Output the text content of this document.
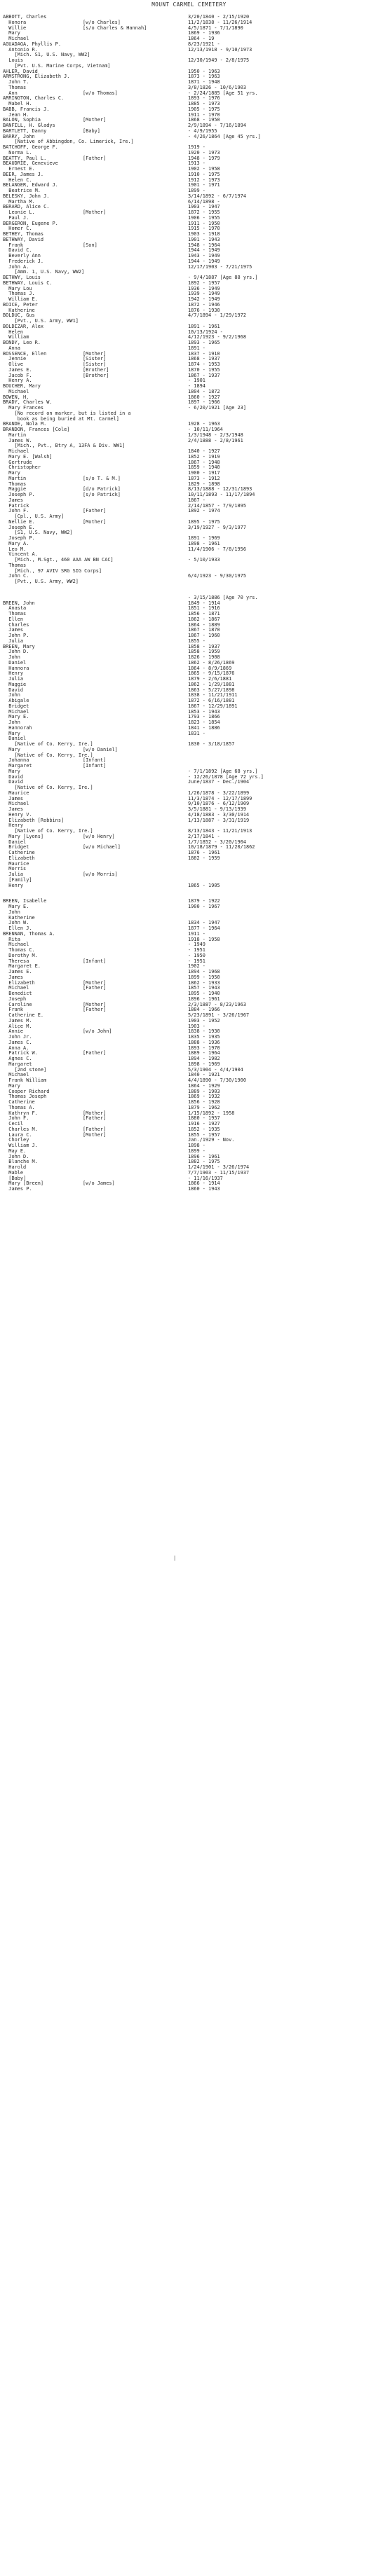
MOUNT CARMEL CEMETERY
ABBOTT, Charles	3/20/1840 - 2/15/1920
Honora	[w/o Charles]	11/2/1838 - 11/26/1914
Willie	[s/o Charles & Hannah]	4/5/1871 - 7/1/1890
Mary	1869 - 1936
Michael	1864 - 19
AGUADAGA, Phyllis P.	8/23/1921 -
Antonio R.	12/13/1918 - 9/10/1973
[Mich. S1, U.S. Navy, WW2]
Louis	12/30/1949 - 2/8/1975
[Pvt. U.S. Marine Corps, Vietnam]
AHLER, David	1950 - 1963
ARMSTRONG, Elizabeth J.	1873 - 1963
John T.	1871 - 1948
Thomas	3/8/1826 - 10/6/1903
Ann	[w/o Thomas]	- 2/24/1885 [Age 51 yrs.
ARRINGTON, Charles C.	1893 - 1976
Mabel H.	1885 - 1973
BABB, Francis J.	1905 - 1975
Jean H.	1911 - 1970
BALON, Sophia	[Mother]	1868 - 1950
BANFILL, H. Gladys	2/9/1894 - 7/16/1894
BARTLETT, Danny	[Baby]	- 4/9/1955
BARRY, John	- 4/26/1864 [Age 45 yrs.]
[Native of Abbingdon, Co. Limerick, Ire.]
BATCHOFF, George F.	1919 -
Norma L.	1920 - 1973
BEATTY, Paul L.	[Father]	1948 - 1979
BEAUDRIE, Genevieve	1913 -
Ernest E.	1902 - 1958
BEER, James J.	1910 - 1975
Helen C.	1912 - 1973
BELANGER, Edward J.	1901 - 1971
Beatrice M.	1899 -
BELESKY, John J.	3/14/1892 - 6/7/1974
Martha M.	6/14/1898 -
BERARD, Alice C.	1903 - 1947
Leonie L.	[Mother]	1872 - 1955
Paul J.	1906 - 1955
BERGERON, Eugene P.	1911 - 1950
Homer C.	1915 - 1970
BETHEY, Thomas	1903 - 1918
BETHWAY, David	1901 - 1943
Frank	[Son]	1948 - 1964
David C.	1944 - 1949
Beverly Ann	1943 - 1949
Frederick J.	1944 - 1949
John A.	12/17/1903 - 7/21/1975
[Amm. 1, U.S. Navy, WW2]
BETHWY, Louis	- 9/4/1887 [Age 88 yrs.]
BETHWAY, Louis C.	1892 - 1957
Mary Lou	1936 - 1949
Thomas J.	1939 - 1949
William E.	1942 - 1949
BOICE, Peter	1872 - 1946
Katherine	1876 - 1930
BOLDUC, Gus	4/7/1894 - 1/29/1972
[Pvt., U.S. Army, WW1]
BOLDIZAR, Alex	1891 - 1961
Helen	10/13/1924 -
William	4/12/1923 - 9/2/1968
BONDY, Leo R.	1893 - 1965
Anna	1891 -
BOSSENCE, Ellen	[Mother]	1837 - 1910
Jennie	[Sister]	1868 - 1937
Olive	[Sister]	1874 - 1953
James E.	[Brother]	1870 - 1955
Jacob F.	[Brother]	1867 - 1937
Henry A.	- 1901
BOUCHER, Mary	- 1894
Michael	1804 - 1872
BOWEN, H.	1860 - 1927
BRADY, Charles W.	1897 - 1966
Mary Frances	- 6/20/1921 [Age 23]
[No record on marker, but is listed in a
book as being buried at Mt. Carmel]
BRANDE, Nola M.	1928 - 1963
BRANDON, Frances [Cole]	- 10/11/1964
Martin	1/3/1948 - 2/3/1948
James W.	2/4/1888 - 2/8/1961
[Mich., Pvt., Btry A, 13FA & Div. WW1]
Michael	1840 - 1927
Mary E. [Walsh]	1852 - 1919
Gertrude	1867 - 1948
Christopher	1859 - 1940
Mary	1900 - 1917
Martin	[s/o T. & M.]	1873 - 1912
Thomas	1829 - 1898
Maggie	[d/o Patrick]	8/13/1888 - 12/31/1893
Joseph P.	[s/o Patrick]	10/11/1893 - 11/17/1894
James	1867 -
Patrick	2/14/1857 - 7/9/1895
John F.	[Father]	1892 - 1974
[Cpl., U.S. Army]
Nellie E.	[Mother]	1895 - 1975
Joseph E.	3/19/1927 - 9/3/1977
[S1, U.S. Navy, WW2]
Joseph P.	1891 - 1969
Mary A.	1898 - 1961
Leo M.	11/4/1906 - 7/8/1956
Vincent A.
[Mich., M.Sgt., 460 AAA AW BN CAC]	- 5/10/1933
Thomas
[Mich., 97 AVIV SRG SIG Corps]
John C.	6/4/1923 - 9/30/1975
[Pvt., U.S. Army, WW2]
- 3/15/1886 [Age 70 yrs.
BREEN, John	1849 - 1914
Anasta	1851 - 1916
Thomas	1856 - 1871
Ellen	1862 - 1867
Charles	1864 - 1889
James	1867 - 1870
John P.	1867 - 1960
Julia	1855 -
BREEN, Mary	1858 - 1937
John D.	1858 - 1959
John	1826 - 1908
Daniel	1862 - 8/26/1869
Hannora	1864 - 8/9/1869
Henry	1865 - 9/15/1876
Julia	1879 - 2/6/1881
Maggie	1862 - 1/29/1881
David	1863 - 5/27/1898
John	1838 - 11/21/1911
Abigale	1872 - 6/16/1881
Bridget	1867 - 12/29/1891
Michael	1853 - 1943
Mary E.	1793 - 1866
John	1823 - 1854
Hannorah	1841 - 1886
Mary	1831 -
Daniel
[Native of Co. Kerry, Ire.]	1830 - 3/18/1857
Mary	[w/o Daniel]
[Native of Co. Kerry, Ire.]
Johanna	[Infant]
Margaret	[Infant]
Mary	- 7/1/1892 [Age 68 yrs.]
David	- 12/26/1878 [Age 72 yrs.]
David	June/1837 - Dec./1904
[Native of Co. Kerry, Ire.]
Maurice	1/26/1878 - 3/22/1899
James	11/3/1874 - 12/17/1899
Michael	9/10/1876 - 6/12/1909
James	3/5/1881 - 9/13/1939
Henry V.	4/18/1883 - 3/30/1914
Elizabeth [Robbins]	1/13/1887 - 3/31/1919
Henry
[Native of Co. Kerry, Ire.]	8/13/1843 - 11/21/1913
Mary [Lyons]	[w/o Henry]	2/17/1841 -
Daniel	1/7/1852 - 3/20/1904
Bridget	[w/o Michael]	10/18/1879 - 11/20/1862
Catherine	1876 - 1961
Elizabeth	1882 - 1959
Maurice
Morris
Julia	[w/o Morris]
[Family]
Henry	1865 - 1905
BREEN, Isabelle	1879 - 1922
Mary E.	1900 - 1967
John
Katherine
John W.	1834 - 1947
Ellen J.	1877 - 1964
BRENNAN, Thomas A.	1911 -
Rita	1918 - 1958
Michael	- 1949
Thomas C.	- 1951
Dorothy M.	- 1950
Theresa	[Infant]	- 1951
Margaret E.	1902 -
James E.	1894 - 1968
James	1899 - 1950
Elizabeth	[Mother]	1862 - 1933
Michael	[Father]	1857 - 1943
Benedict	1895 - 1940
Joseph	1896 - 1961
Caroline	[Mother]	2/3/1887 - 8/23/1963
Frank	[Father]	1884 - 1966
Catherine E.	5/23/1891 - 3/26/1967
James M.	1903 - 1952
Alice M.	1903 -
Annie	[w/o John]	1838 - 1930
John Jr.	1835 - 1935
James C.	1888 - 1936
Anna A.	1893 - 1970
Patrick W.	[Father]	1889 - 1964
Agnes C.	1894 - 1982
Margaret	1898 - 1969
[2nd stone]	5/3/1904 - 4/4/1904
Michael	1840 - 1921
Frank William	4/4/1890 - 7/30/1900
Mary	1864 - 1929
Cooper Richard	1889 - 1903
Thomas Joseph	1869 - 1932
Catherine	1856 - 1928
Thomas A.	1879 - 1962
Kathryn F.	[Mother]	1/15/1892 - 1958
John F.	[Father]	1880 - 1957
Cecil	1916 - 1927
Charles M.	[Father]	1852 - 1935
Laura C.	[Mother]	1855 - 1957
Chorley	Jan./1929 - Nov.
William J.	1898 -
May E.	1899 -
John D.	1896 - 1961
Blanche M.	1882 - 1975
Harold	1/24/1901 - 3/26/1974
Mable	7/7/1903 - 11/15/1937
[Baby]	- 11/16/1937
Mary [Breen]	[w/o James]	1866 - 1914
James P.	1860 - 1943
|
